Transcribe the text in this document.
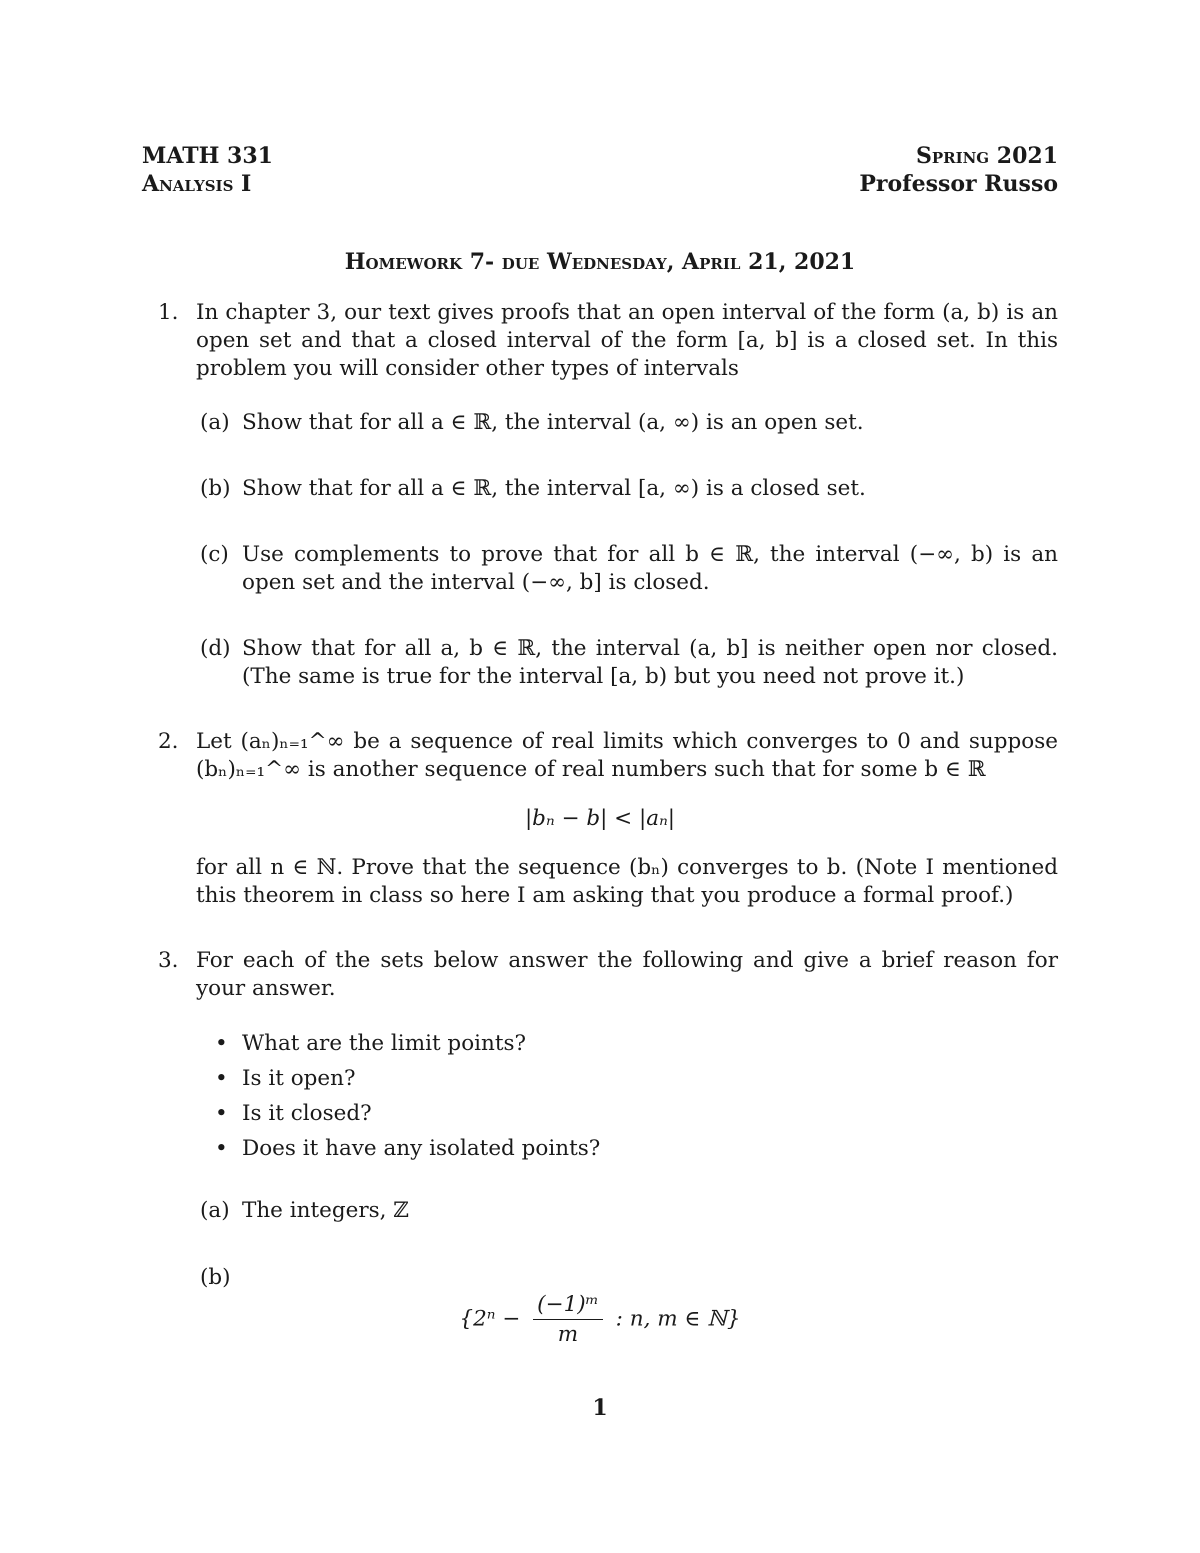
MATH 331
Analysis I
Spring 2021
Professor Russo
Homework 7- due Wednesday, April 21, 2021
1. In chapter 3, our text gives proofs that an open interval of the form (a, b) is an open set and that a closed interval of the form [a, b] is a closed set. In this problem you will consider other types of intervals
(a) Show that for all a ∈ ℝ, the interval (a, ∞) is an open set.
(b) Show that for all a ∈ ℝ, the interval [a, ∞) is a closed set.
(c) Use complements to prove that for all b ∈ ℝ, the interval (−∞, b) is an open set and the interval (−∞, b] is closed.
(d) Show that for all a, b ∈ ℝ, the interval (a, b] is neither open nor closed. (The same is true for the interval [a, b) but you need not prove it.)
2. Let (aₙ)ₙ₌₁^∞ be a sequence of real limits which converges to 0 and suppose (bₙ)ₙ₌₁^∞ is another sequence of real numbers such that for some b ∈ ℝ
|bₙ − b| < |aₙ|
for all n ∈ ℕ. Prove that the sequence (bₙ) converges to b. (Note I mentioned this theorem in class so here I am asking that you produce a formal proof.)
3. For each of the sets below answer the following and give a brief reason for your answer.
• What are the limit points?
• Is it open?
• Is it closed?
• Does it have any isolated points?
(a) The integers, ℤ
(b)
{$2^n - \frac{\text{(−1)ᵐ}}{m}$ : n, m ∈ ℕ}
1
